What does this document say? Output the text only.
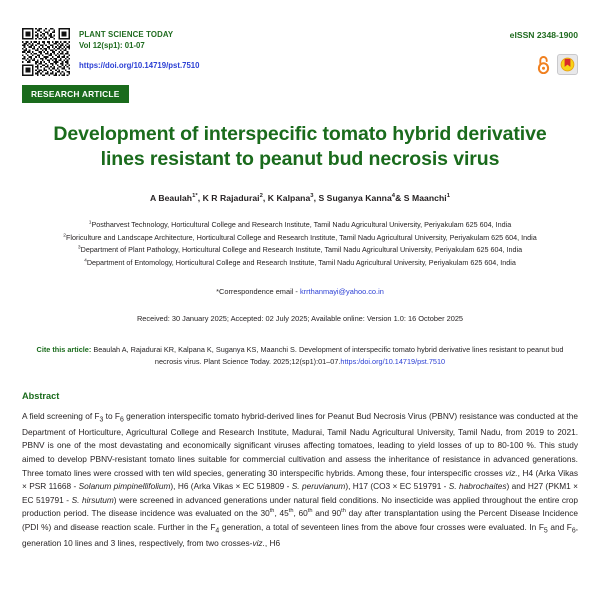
PLANT SCIENCE TODAY
Vol 12(sp1): 01-07
https://doi.org/10.14719/pst.7510
eISSN 2348-1900
RESEARCH ARTICLE
Development of interspecific tomato hybrid derivative lines resistant to peanut bud necrosis virus
A Beaulah$^{1*}$, K R Rajadurai$^2$, K Kalpana$^3$, S Suganya Kanna$^4$& S Maanchi$^1$
$^1$Postharvest Technology, Horticultural College and Research Institute, Tamil Nadu Agricultural University, Periyakulam 625 604, India
$^2$Floriculture and Landscape Architecture, Horticultural College and Research Institute, Tamil Nadu Agricultural University, Periyakulam 625 604, India
$^3$Department of Plant Pathology, Horticultural College and Research Institute, Tamil Nadu Agricultural University, Periyakulam 625 604, India
$^4$Department of Entomology, Horticultural College and Research Institute, Tamil Nadu Agricultural University, Periyakulam 625 604, India
*Correspondence email - krrthanmayi@yahoo.co.in
Received: 30 January 2025; Accepted: 02 July 2025; Available online: Version 1.0: 16 October 2025
Cite this article: Beaulah A, Rajadurai KR, Kalpana K, Suganya KS, Maanchi S. Development of interspecific tomato hybrid derivative lines resistant to peanut bud necrosis virus. Plant Science Today. 2025;12(sp1):01–07.https:/doi.org/10.14719/pst.7510
Abstract
A field screening of $F_3$ to $F_6$ generation interspecific tomato hybrid-derived lines for Peanut Bud Necrosis Virus (PBNV) resistance was conducted at the Department of Horticulture, Agricultural College and Research Institute, Madurai, Tamil Nadu Agricultural University, Tamil Nadu, from 2019 to 2021. PBNV is one of the most devastating and economically significant viruses affecting tomatoes, leading to yield losses of up to 80-100 %. This study aimed to develop PBNV-resistant tomato lines suitable for commercial cultivation and assess the inheritance of resistance in advanced generations. Three tomato lines were crossed with ten wild species, generating 30 interspecific hybrids. Among these, four interspecific crosses viz., H4 (Arka Vikas × PSR 11668 - Solanum pimpinellifolium), H6 (Arka Vikas × EC 519809 - S. peruvianum), H17 (CO3 × EC 519791 - S. habrochaites) and H27 (PKM1 × EC 519791 - S. hirsutum) were screened in advanced generations under natural field conditions. No insecticide was applied throughout the entire crop production period. The disease incidence was evaluated on the 30th, 45th, 60th and 90th day after transplantation using the Percent Disease Incidence (PDI %) and disease reaction scale. Further in the $F_4$ generation, a total of seventeen lines from the above four crosses were evaluated. In $F_5$ and $F_6$, generation 10 lines and 3 lines, respectively, from two crosses-viz., H6
